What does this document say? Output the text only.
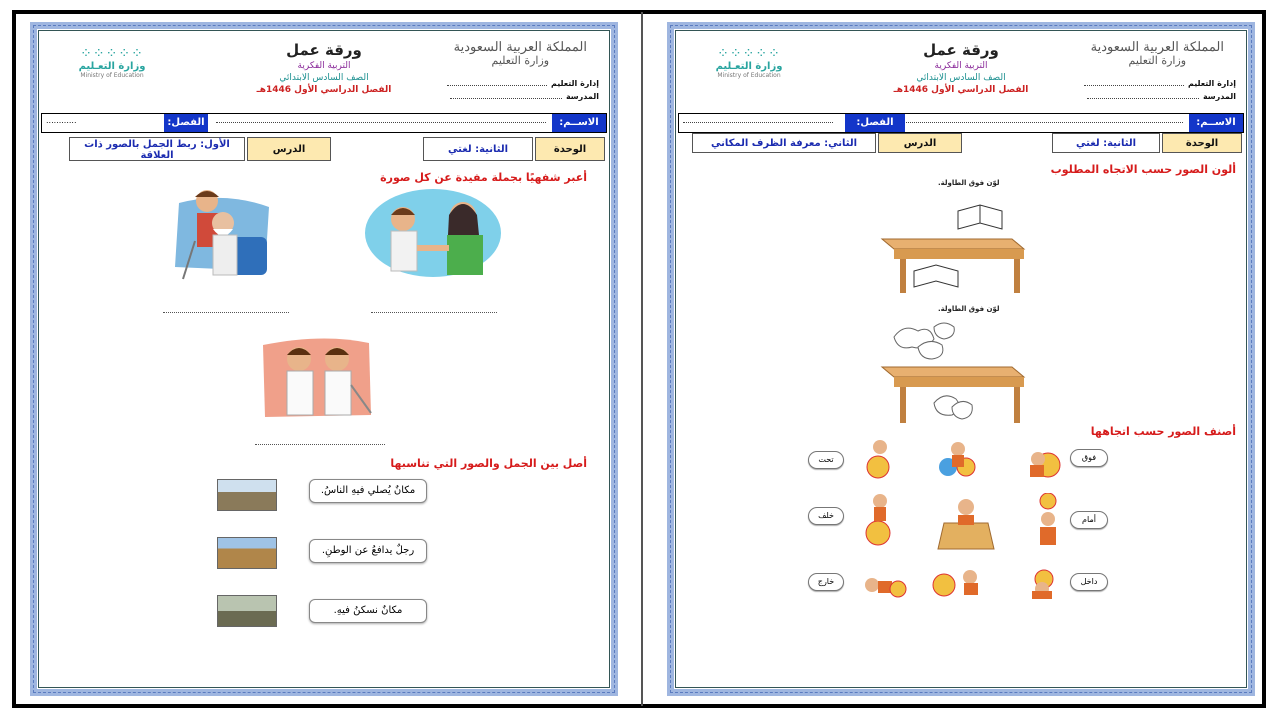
المملكة العربية السعودية
وزارة التعليم
إدارة التعليم
المدرسة
ورقة عمل
التربية الفكرية
الصف السادس الابتدائي
الفصل الدراسي الأول 1446هـ
⁘⁘⁘⁘⁘
وزارة التعـليم
Ministry of Education
الاســم:
الفصل:
............
الوحدة
الثانية: لغتي
الدرس
الأول: ربط الجمل بالصور ذات العلاقة
أعبر شفهيًا بجملة مفيدة عن كل صورة
أصل بين الجمل والصور التي تناسبها
مكانٌ يُصلي فيهِ الناسُ.
رجلٌ يدافعُ عن الوطنِ.
مكانٌ نسكنُ فيهِ.
المملكة العربية السعودية
وزارة التعليم
إدارة التعليم
المدرسة
ورقة عمل
التربية الفكرية
الصف السادس الابتدائي
الفصل الدراسي الأول 1446هـ
⁘⁘⁘⁘⁘
وزارة التعـليم
Ministry of Education
الاســم:
الفصل:
الوحدة
الثانية: لغتي
الدرس
الثاني: معرفة الظرف المكاني
ألون الصور حسب الاتجاه المطلوب
لوّن فوق الطاولة.
لوّن فوق الطاولة.
أصنف الصور حسب اتجاهها
فوق
تحت
أمام
خلف
داخل
خارج
